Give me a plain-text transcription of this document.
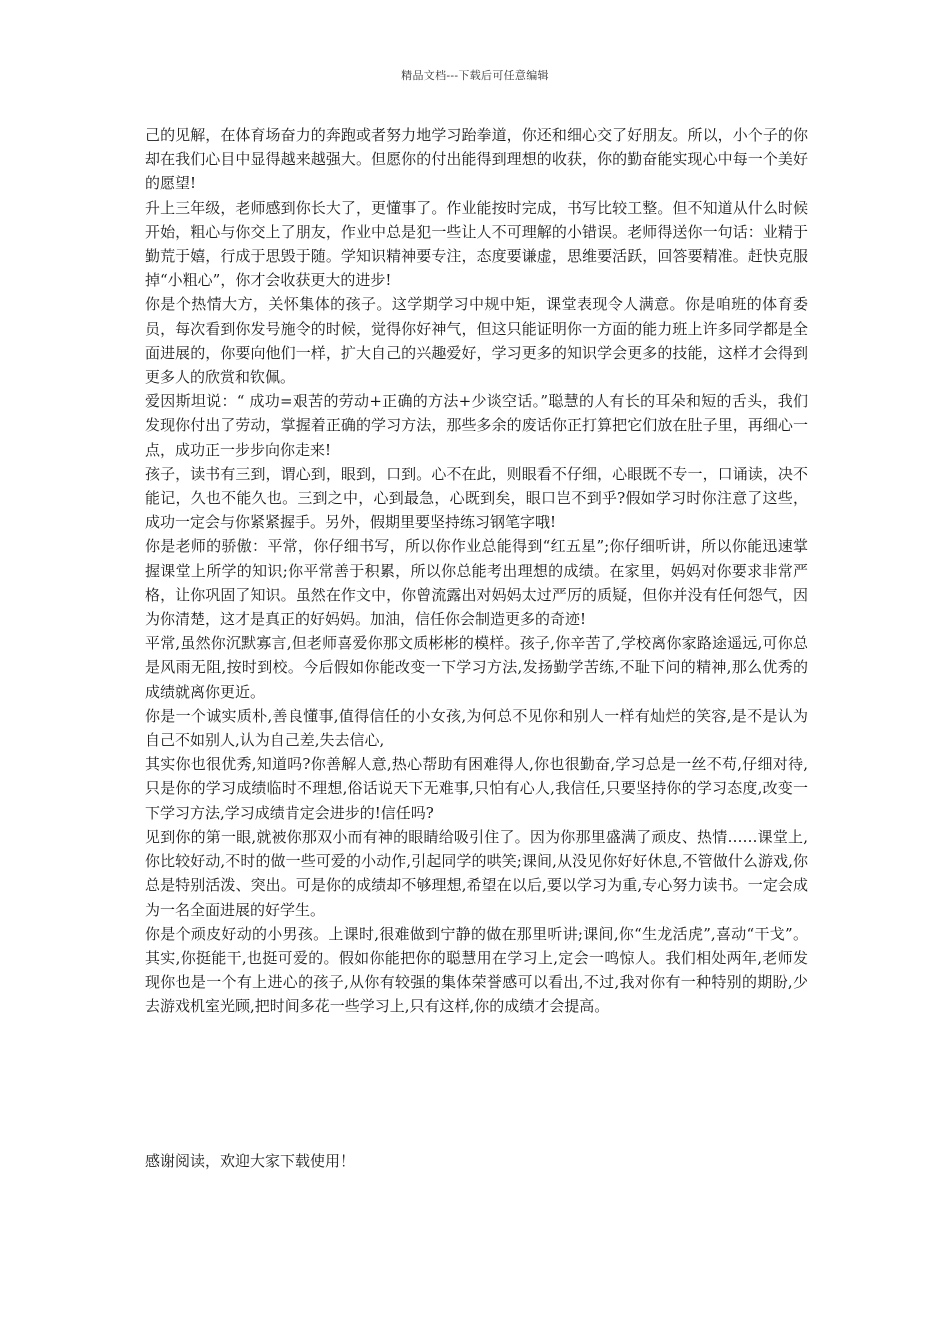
精品文档---下载后可任意编辑

己的见解，在体育场奋力的奔跑或者努力地学习跆拳道，你还和细心交了好朋友。所以，小个子的你却在我们心目中显得越来越强大。但愿你的付出能得到理想的收获，你的勤奋能实现心中每一个美好的愿望!

升上三年级，老师感到你长大了，更懂事了。作业能按时完成，书写比较工整。但不知道从什么时候开始，粗心与你交上了朋友，作业中总是犯一些让人不可理解的小错误。老师得送你一句话：业精于勤荒于嬉，行成于思毁于随。学知识精神要专注，态度要谦虚，思维要活跃，回答要精准。赶快克服掉“小粗心”，你才会收获更大的进步!

你是个热情大方，关怀集体的孩子。这学期学习中规中矩，课堂表现令人满意。你是咱班的体育委员，每次看到你发号施令的时候，觉得你好神气，但这只能证明你一方面的能力班上许多同学都是全面进展的，你要向他们一样，扩大自己的兴趣爱好，学习更多的知识学会更多的技能，这样才会得到更多人的欣赏和钦佩。

爱因斯坦说：“ 成功=艰苦的劳动+正确的方法+少谈空话。”聪慧的人有长的耳朵和短的舌头，我们发现你付出了劳动，掌握着正确的学习方法，那些多余的废话你正打算把它们放在肚子里，再细心一点，成功正一步步向你走来!

孩子，读书有三到，谓心到，眼到，口到。心不在此，则眼看不仔细，心眼既不专一，口诵读，决不能记，久也不能久也。三到之中，心到最急，心既到矣，眼口岂不到乎?假如学习时你注意了这些，成功一定会与你紧紧握手。另外，假期里要坚持练习钢笔字哦!

你是老师的骄傲：平常，你仔细书写，所以你作业总能得到“红五星”;你仔细听讲，所以你能迅速掌握课堂上所学的知识;你平常善于积累，所以你总能考出理想的成绩。在家里，妈妈对你要求非常严格，让你巩固了知识。虽然在作文中，你曾流露出对妈妈太过严厉的质疑，但你并没有任何怨气，因为你清楚，这才是真正的好妈妈。加油，信任你会制造更多的奇迹!

平常,虽然你沉默寡言,但老师喜爱你那文质彬彬的模样。孩子,你辛苦了,学校离你家路途遥远,可你总是风雨无阻,按时到校。今后假如你能改变一下学习方法,发扬勤学苦练,不耻下问的精神,那么优秀的成绩就离你更近。

你是一个诚实质朴,善良懂事,值得信任的小女孩,为何总不见你和别人一样有灿烂的笑容,是不是认为自己不如别人,认为自己差,失去信心,

其实你也很优秀,知道吗?你善解人意,热心帮助有困难得人,你也很勤奋,学习总是一丝不苟,仔细对待,只是你的学习成绩临时不理想,俗话说天下无难事,只怕有心人,我信任,只要坚持你的学习态度,改变一下学习方法,学习成绩肯定会进步的!信任吗?

见到你的第一眼,就被你那双小而有神的眼睛给吸引住了。因为你那里盛满了顽皮、热情……课堂上,你比较好动,不时的做一些可爱的小动作,引起同学的哄笑;课间,从没见你好好休息,不管做什么游戏,你总是特别活泼、突出。可是你的成绩却不够理想,希望在以后,要以学习为重,专心努力读书。一定会成为一名全面进展的好学生。

你是个顽皮好动的小男孩。上课时,很难做到宁静的做在那里听讲;课间,你“生龙活虎”,喜动“干戈”。其实,你挺能干,也挺可爱的。假如你能把你的聪慧用在学习上,定会一鸣惊人。我们相处两年,老师发现你也是一个有上进心的孩子,从你有较强的集体荣誉感可以看出,不过,我对你有一种特别的期盼,少去游戏机室光顾,把时间多花一些学习上,只有这样,你的成绩才会提高。

感谢阅读，欢迎大家下载使用！
